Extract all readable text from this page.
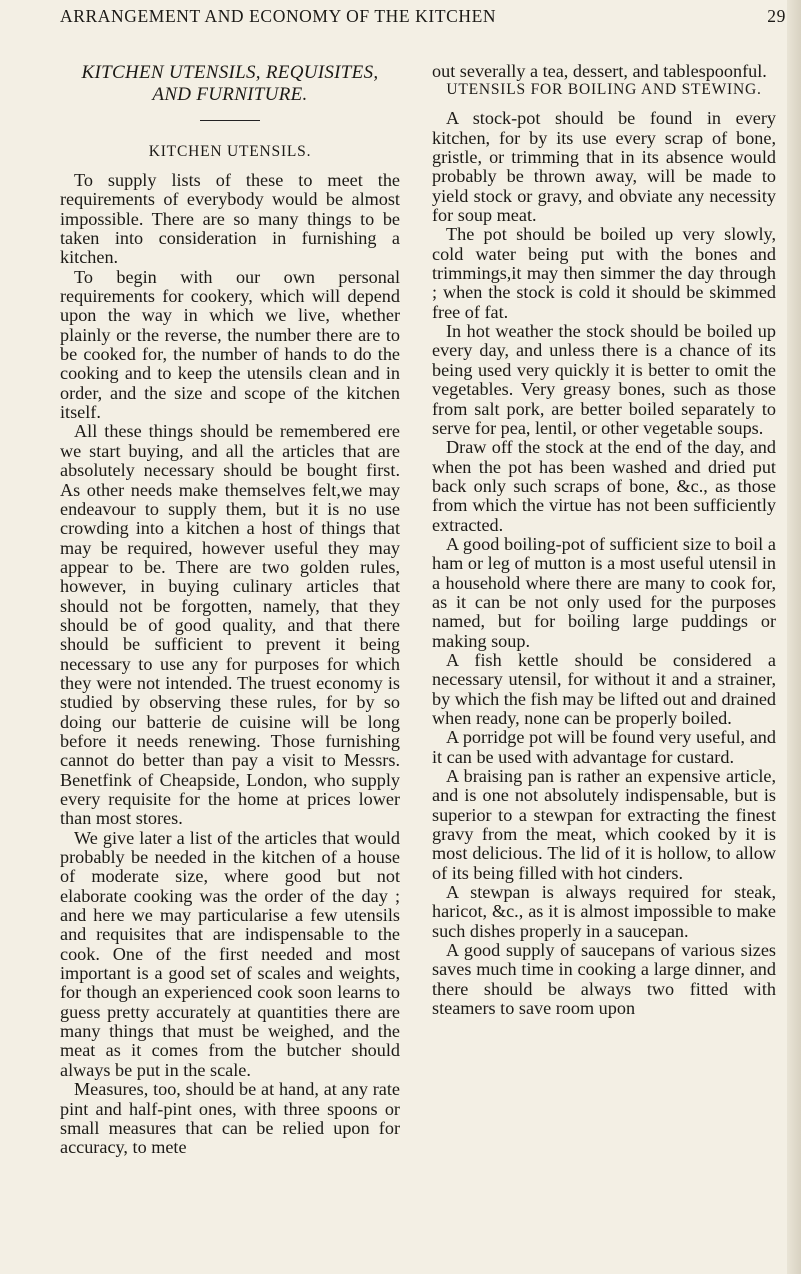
ARRANGEMENT AND ECONOMY OF THE KITCHEN	29
KITCHEN UTENSILS, REQUISITES, AND FURNITURE.
KITCHEN UTENSILS.

To supply lists of these to meet the requirements of everybody would be almost impossible. There are so many things to be taken into consideration in furnishing a kitchen.

To begin with our own personal requirements for cookery, which will depend upon the way in which we live, whether plainly or the reverse, the number there are to be cooked for, the number of hands to do the cooking and to keep the utensils clean and in order, and the size and scope of the kitchen itself.

All these things should be remembered ere we start buying, and all the articles that are absolutely necessary should be bought first. As other needs make themselves felt,we may endeavour to supply them, but it is no use crowding into a kitchen a host of things that may be required, however useful they may appear to be. There are two golden rules, however, in buying culinary articles that should not be forgotten, namely, that they should be of good quality, and that there should be sufficient to prevent it being necessary to use any for purposes for which they were not intended. The truest economy is studied by observing these rules, for by so doing our batterie de cuisine will be long before it needs renewing. Those furnishing cannot do better than pay a visit to Messrs. Benetfink of Cheapside, London, who supply every requisite for the home at prices lower than most stores.

We give later a list of the articles that would probably be needed in the kitchen of a house of moderate size, where good but not elaborate cooking was the order of the day ; and here we may particularise a few utensils and requisites that are indispensable to the cook. One of the first needed and most important is a good set of scales and weights, for though an experienced cook soon learns to guess pretty accurately at quantities there are many things that must be weighed, and the meat as it comes from the butcher should always be put in the scale.

Measures, too, should be at hand, at any rate pint and half-pint ones, with three spoons or small measures that can be relied upon for accuracy, to mete

out severally a tea, dessert, and tablespoonful.

UTENSILS FOR BOILING AND STEWING.

A stock-pot should be found in every kitchen, for by its use every scrap of bone, gristle, or trimming that in its absence would probably be thrown away, will be made to yield stock or gravy, and obviate any necessity for soup meat.

The pot should be boiled up very slowly, cold water being put with the bones and trimmings,it may then simmer the day through ; when the stock is cold it should be skimmed free of fat.

In hot weather the stock should be boiled up every day, and unless there is a chance of its being used very quickly it is better to omit the vegetables. Very greasy bones, such as those from salt pork, are better boiled separately to serve for pea, lentil, or other vegetable soups.

Draw off the stock at the end of the day, and when the pot has been washed and dried put back only such scraps of bone, &c., as those from which the virtue has not been sufficiently extracted.

A good boiling-pot of sufficient size to boil a ham or leg of mutton is a most useful utensil in a household where there are many to cook for, as it can be not only used for the purposes named, but for boiling large puddings or making soup.

A fish kettle should be considered a necessary utensil, for without it and a strainer, by which the fish may be lifted out and drained when ready, none can be properly boiled.

A porridge pot will be found very useful, and it can be used with advantage for custard.

A braising pan is rather an expensive article, and is one not absolutely indispensable, but is superior to a stewpan for extracting the finest gravy from the meat, which cooked by it is most delicious. The lid of it is hollow, to allow of its being filled with hot cinders.

A stewpan is always required for steak, haricot, &c., as it is almost impossible to make such dishes properly in a saucepan.

A good supply of saucepans of various sizes saves much time in cooking a large dinner, and there should be always two fitted with steamers to save room upon
